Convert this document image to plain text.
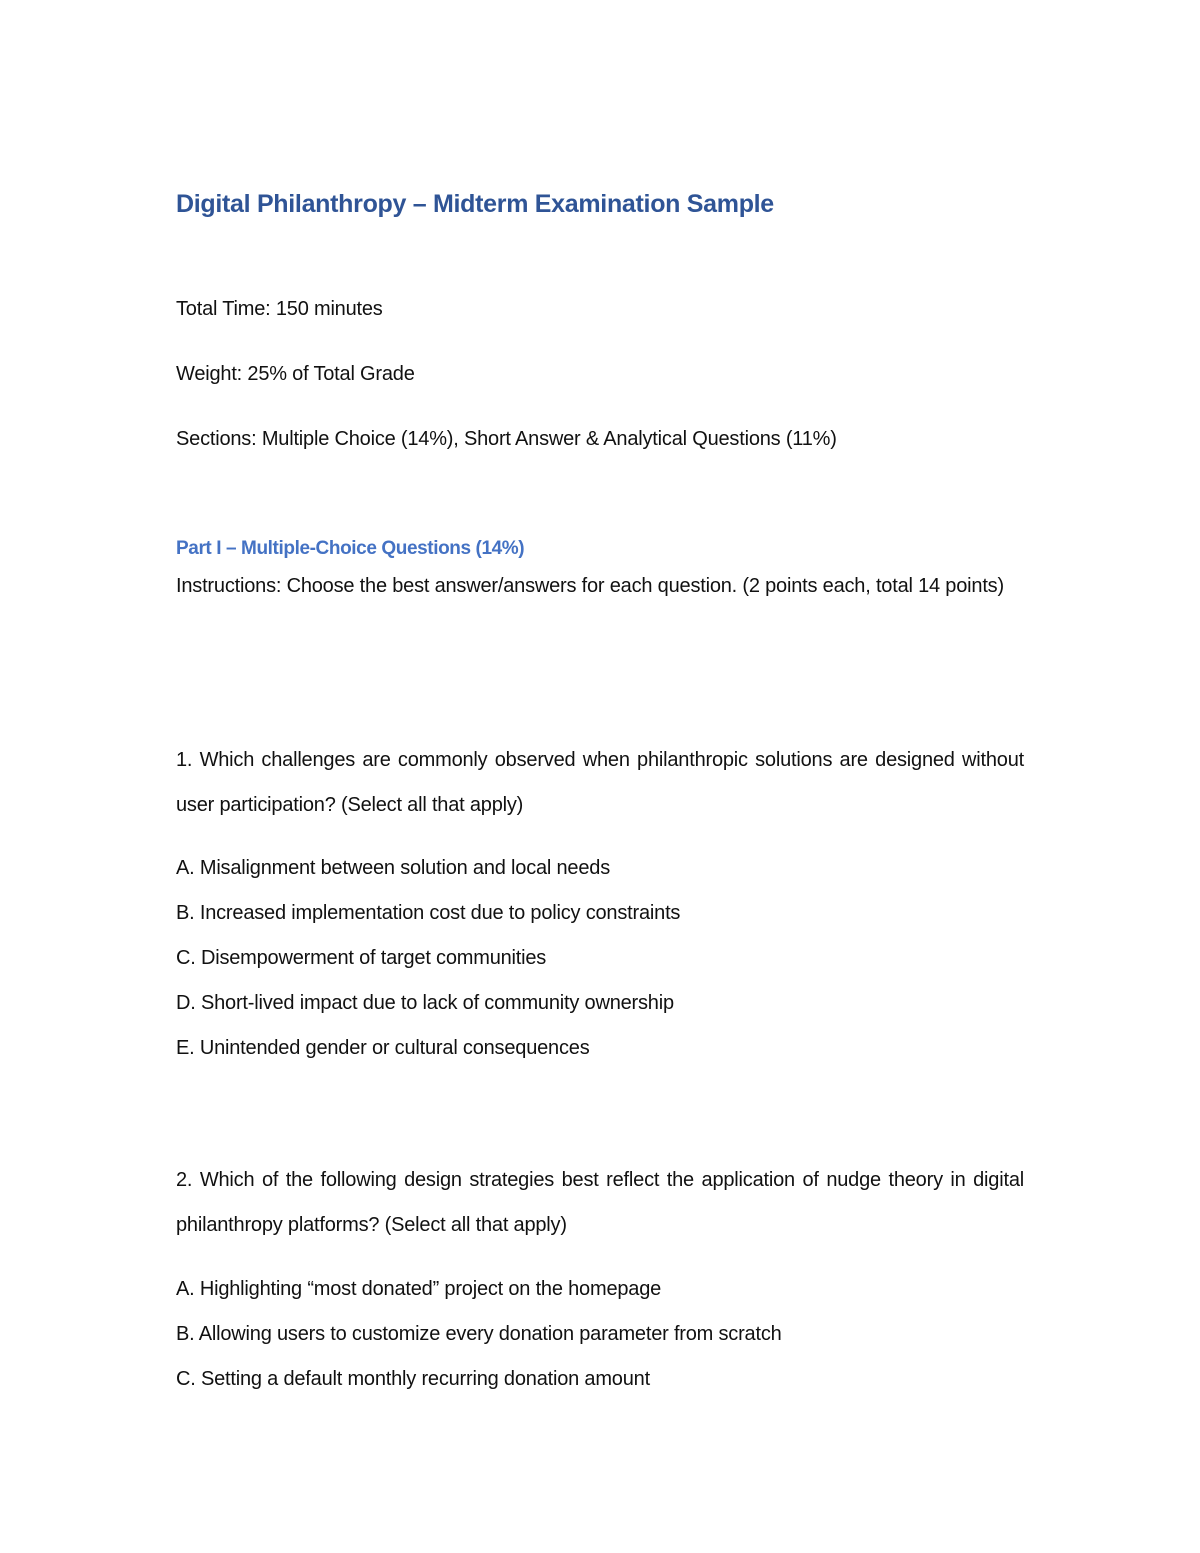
Digital Philanthropy – Midterm Examination Sample

Total Time: 150 minutes

Weight: 25% of Total Grade

Sections: Multiple Choice (14%), Short Answer & Analytical Questions (11%)

Part I – Multiple-Choice Questions (14%)

Instructions: Choose the best answer/answers for each question. (2 points each, total 14 points)

1. Which challenges are commonly observed when philanthropic solutions are designed without user participation? (Select all that apply)

A. Misalignment between solution and local needs

B. Increased implementation cost due to policy constraints

C. Disempowerment of target communities

D. Short-lived impact due to lack of community ownership

E. Unintended gender or cultural consequences

2. Which of the following design strategies best reflect the application of nudge theory in digital philanthropy platforms? (Select all that apply)

A. Highlighting “most donated” project on the homepage

B. Allowing users to customize every donation parameter from scratch

C. Setting a default monthly recurring donation amount
